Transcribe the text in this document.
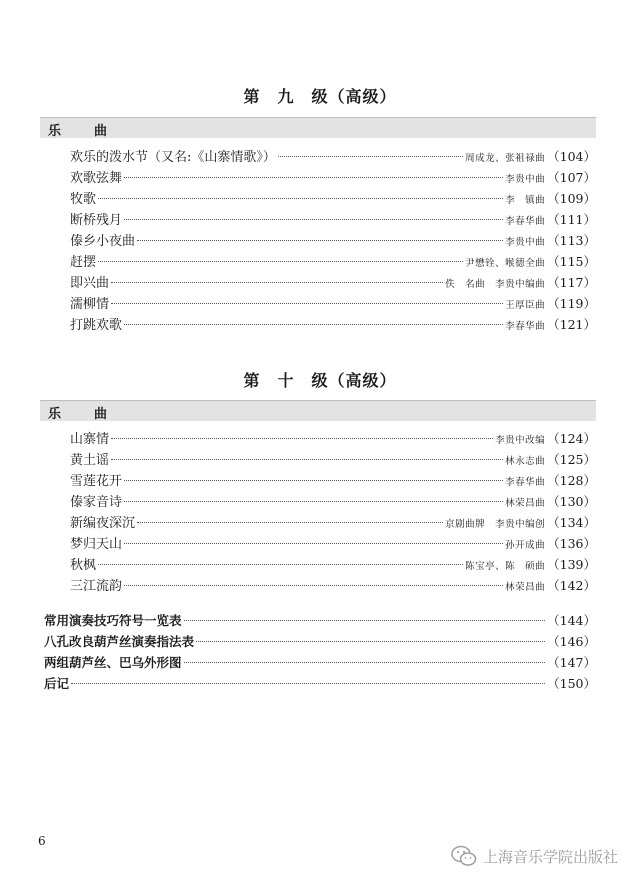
第　九　级（高级）
乐　曲
欢乐的泼水节（又名:《山寨情歌》）	周成龙、张祖禄曲 （104）
欢歌弦舞	李贵中曲 （107）
牧歌	李　镇曲 （109）
断桥残月	李春华曲 （111）
傣乡小夜曲	李贵中曲 （113）
赶摆	尹懋铨、喉德全曲 （115）
即兴曲	佚　名曲　李贵中编曲 （117）
濡柳情	王厚臣曲 （119）
打跳欢歌	李春华曲 （121）
第　十　级（高级）
乐　曲
山寨情	李贵中改编 （124）
黄土谣	林永志曲 （125）
雪莲花开	李春华曲 （128）
傣家音诗	林荣昌曲 （130）
新编夜深沉	京剧曲牌　李贵中编创 （134）
梦归天山	孙开成曲 （136）
秋枫	陈宝亭、陈　硕曲 （139）
三江流韵	林荣昌曲 （142）
常用演奏技巧符号一览表	（144）
八孔改良葫芦丝演奏指法表	（146）
两组葫芦丝、巴乌外形图	（147）
后记	（150）
6
上海音乐学院出版社
